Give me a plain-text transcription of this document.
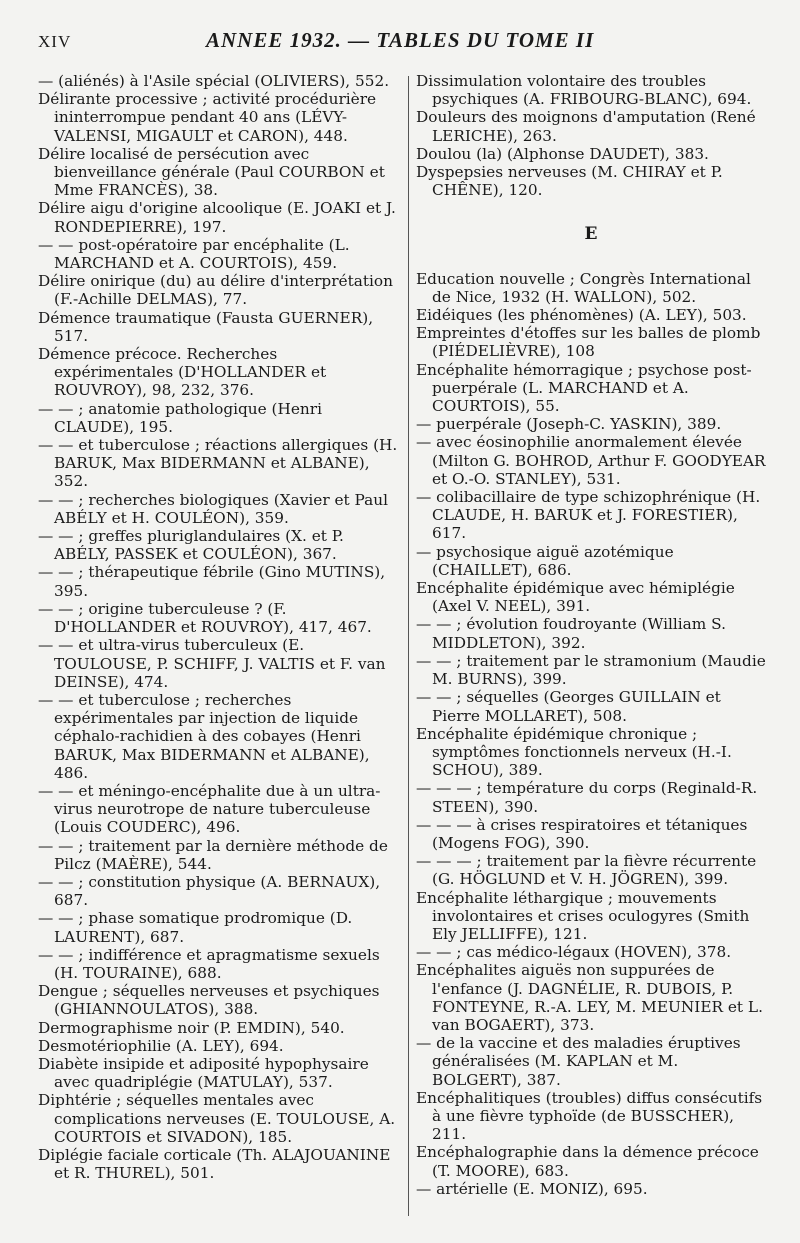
XIV	ANNEE 1932. — TABLES DU TOME II

— (aliénés) à l'Asile spécial (OLIVIERS), 552.

Délirante processive ; activité procédurière ininterrompue pendant 40 ans (LÉVY-VALENSI, MIGAULT et CARON), 448.

Délire localisé de persécution avec bienveillance générale (Paul COURBON et Mme FRANCÈS), 38.

Délire aigu d'origine alcoolique (E. JOAKI et J. RONDEPIERRE), 197.

— — post-opératoire par encéphalite (L. MARCHAND et A. COURTOIS), 459.

Délire onirique (du) au délire d'interprétation (F.-Achille DELMAS), 77.

Démence traumatique (Fausta GUERNER), 517.

Démence précoce. Recherches expérimentales (D'HOLLANDER et ROUVROY), 98, 232, 376.

— — ; anatomie pathologique (Henri CLAUDE), 195.

— — et tuberculose ; réactions allergiques (H. BARUK, Max BIDERMANN et ALBANE), 352.

— — ; recherches biologiques (Xavier et Paul ABÉLY et H. COULÉON), 359.

— — ; greffes pluriglandulaires (X. et P. ABÉLY, PASSEK et COULÉON), 367.

— — ; thérapeutique fébrile (Gino MUTINS), 395.

— — ; origine tuberculeuse ? (F. D'HOLLANDER et ROUVROY), 417, 467.

— — et ultra-virus tuberculeux (E. TOULOUSE, P. SCHIFF, J. VALTIS et F. van DEINSE), 474.

— — et tuberculose ; recherches expérimentales par injection de liquide céphalo-rachidien à des cobayes (Henri BARUK, Max BIDERMANN et ALBANE), 486.

— — et méningo-encéphalite due à un ultra-virus neurotrope de nature tuberculeuse (Louis COUDERC), 496.

— — ; traitement par la dernière méthode de Pilcz (MAÈRE), 544.

— — ; constitution physique (A. BERNAUX), 687.

— — ; phase somatique prodromique (D. LAURENT), 687.

— — ; indifférence et apragmatisme sexuels (H. TOURAINE), 688.

Dengue ; séquelles nerveuses et psychiques (GHIANNOULATOS), 388.

Dermographisme noir (P. EMDIN), 540.

Desmotériophilie (A. LEY), 694.

Diabète insipide et adiposité hypophysaire avec quadriplégie (MATULAY), 537.

Diphtérie ; séquelles mentales avec complications nerveuses (E. TOULOUSE, A. COURTOIS et SIVADON), 185.

Diplégie faciale corticale (Th. ALAJOUANINE et R. THUREL), 501.

Dissimulation volontaire des troubles psychiques (A. FRIBOURG-BLANC), 694.

Douleurs des moignons d'amputation (René LERICHE), 263.

Doulou (la) (Alphonse DAUDET), 383.

Dyspepsies nerveuses (M. CHIRAY et P. CHÊNE), 120.

E

Education nouvelle ; Congrès International de Nice, 1932 (H. WALLON), 502.

Eidéiques (les phénomènes) (A. LEY), 503.

Empreintes d'étoffes sur les balles de plomb (PIÉDELIÈVRE), 108

Encéphalite hémorragique ; psychose post-puerpérale (L. MARCHAND et A. COURTOIS), 55.

— puerpérale (Joseph-C. YASKIN), 389.

— avec éosinophilie anormalement élevée (Milton G. BOHROD, Arthur F. GOODYEAR et O.-O. STANLEY), 531.

— colibacillaire de type schizophrénique (H. CLAUDE, H. BARUK et J. FORESTIER), 617.

— psychosique aiguë azotémique (CHAILLET), 686.

Encéphalite épidémique avec hémiplégie (Axel V. NEEL), 391.

— — ; évolution foudroyante (William S. MIDDLETON), 392.

— — ; traitement par le stramonium (Maudie M. BURNS), 399.

— — ; séquelles (Georges GUILLAIN et Pierre MOLLARET), 508.

Encéphalite épidémique chronique ; symptômes fonctionnels nerveux (H.-I. SCHOU), 389.

— — — ; température du corps (Reginald-R. STEEN), 390.

— — — à crises respiratoires et tétaniques (Mogens FOG), 390.

— — — ; traitement par la fièvre récurrente (G. HÖGLUND et V. H. JÖGREN), 399.

Encéphalite léthargique ; mouvements involontaires et crises oculogyres (Smith Ely JELLIFFE), 121.

— — ; cas médico-légaux (HOVEN), 378.

Encéphalites aiguës non suppurées de l'enfance (J. DAGNÉLIE, R. DUBOIS, P. FONTEYNE, R.-A. LEY, M. MEUNIER et L. van BOGAERT), 373.

— de la vaccine et des maladies éruptives généralisées (M. KAPLAN et M. BOLGERT), 387.

Encéphalitiques (troubles) diffus consécutifs à une fièvre typhoïde (de BUSSCHER), 211.

Encéphalographie dans la démence précoce (T. MOORE), 683.

— artérielle (E. MONIZ), 695.
